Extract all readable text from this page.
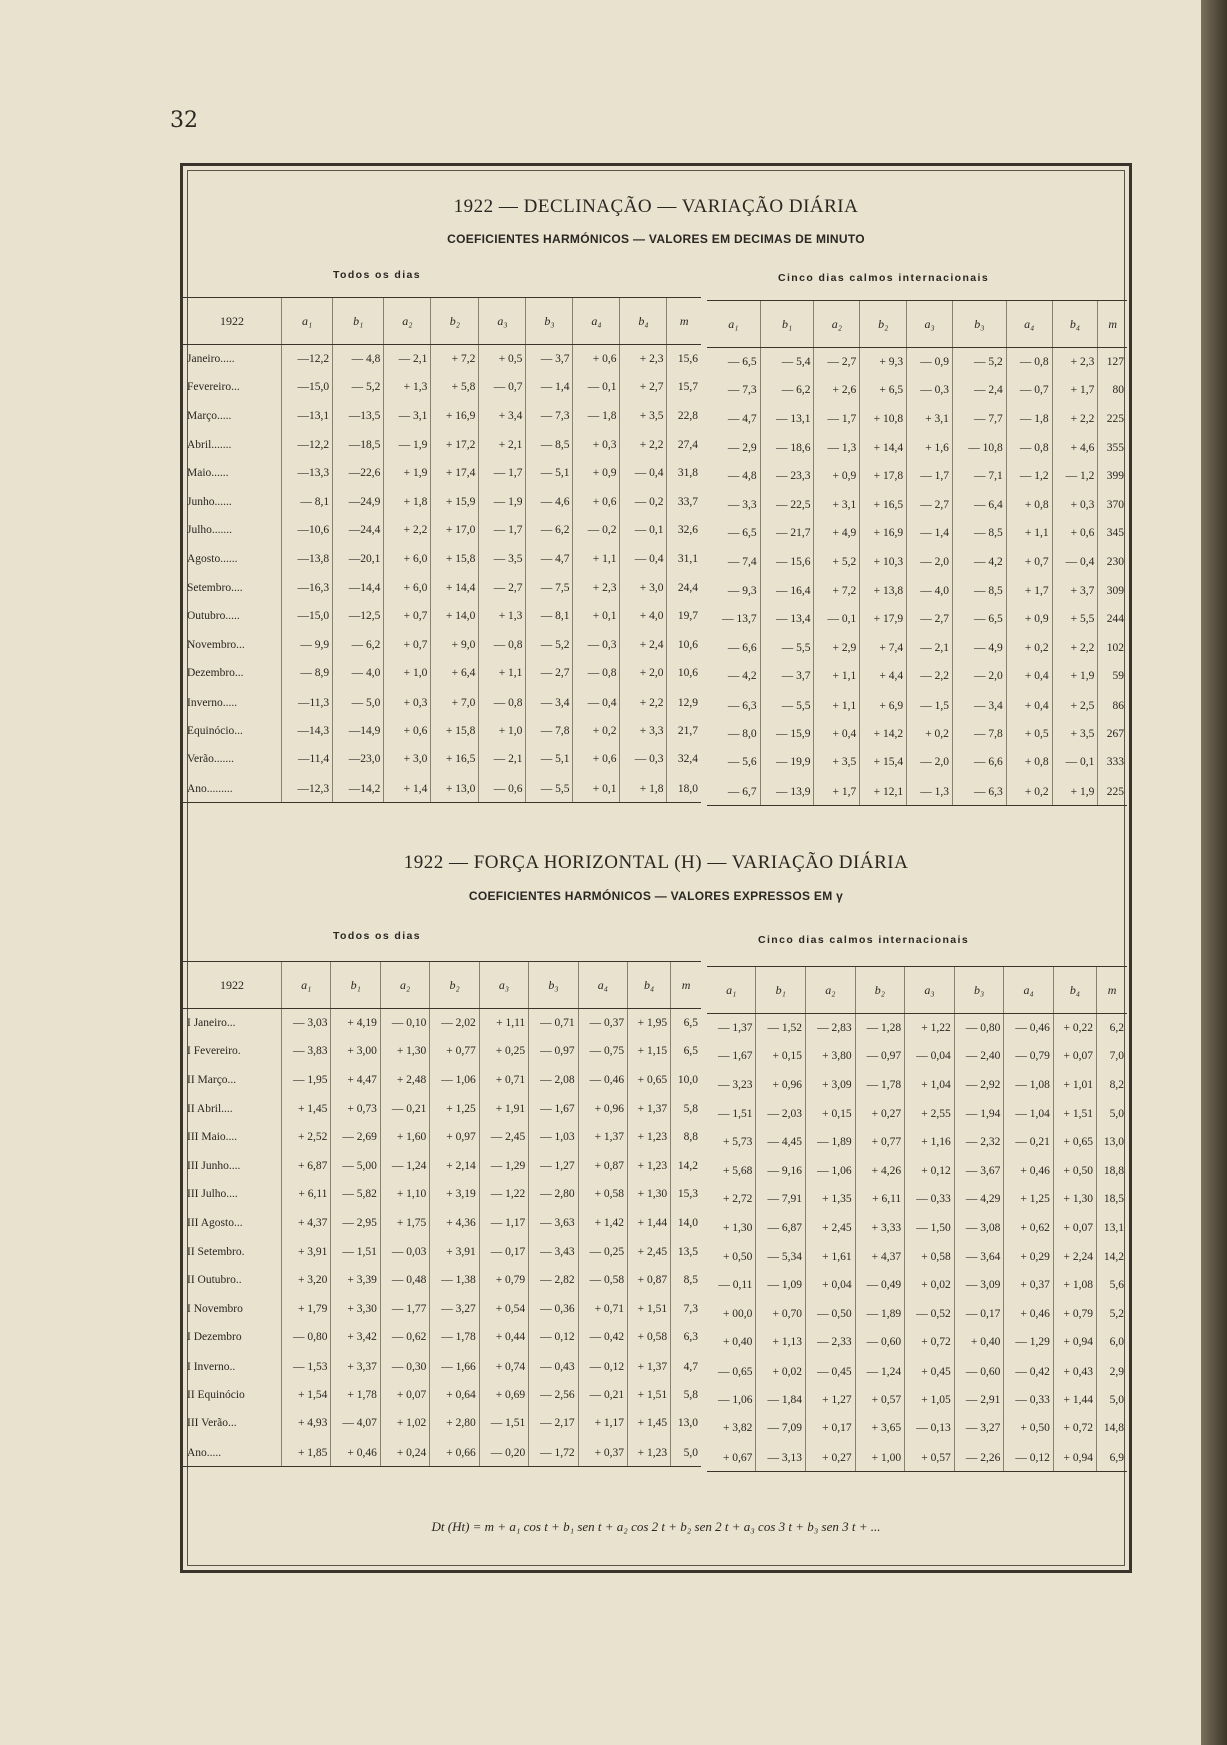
32
1922 — DECLINAÇÃO — VARIAÇÃO DIÁRIA
COEFICIENTES HARMÓNICOS — VALORES EM DECIMAS DE MINUTO
Todos os dias	Cinco dias calmos internacionais
1922	a₁	b₁	a₂	b₂	a₃	b₃	a₄	b₄	m
Janeiro.....	—12,2	— 4,8	— 2,1	+ 7,2	+ 0,5	— 3,7	+ 0,6	+ 2,3	15,6
Fevereiro...	—15,0	— 5,2	+ 1,3	+ 5,8	— 0,7	— 1,4	— 0,1	+ 2,7	15,7
Março.....	—13,1	—13,5	— 3,1	+ 16,9	+ 3,4	— 7,3	— 1,8	+ 3,5	22,8
Abril.......	—12,2	—18,5	— 1,9	+ 17,2	+ 2,1	— 8,5	+ 0,3	+ 2,2	27,4
Maio......	—13,3	—22,6	+ 1,9	+ 17,4	— 1,7	— 5,1	+ 0,9	— 0,4	31,8
Junho......	— 8,1	—24,9	+ 1,8	+ 15,9	— 1,9	— 4,6	+ 0,6	— 0,2	33,7
Julho.......	—10,6	—24,4	+ 2,2	+ 17,0	— 1,7	— 6,2	— 0,2	— 0,1	32,6
Agosto......	—13,8	—20,1	+ 6,0	+ 15,8	— 3,5	— 4,7	+ 1,1	— 0,4	31,1
Setembro....	—16,3	—14,4	+ 6,0	+ 14,4	— 2,7	— 7,5	+ 2,3	+ 3,0	24,4
Outubro.....	—15,0	—12,5	+ 0,7	+ 14,0	+ 1,3	— 8,1	+ 0,1	+ 4,0	19,7
Novembro...	— 9,9	— 6,2	+ 0,7	+ 9,0	— 0,8	— 5,2	— 0,3	+ 2,4	10,6
Dezembro...	— 8,9	— 4,0	+ 1,0	+ 6,4	+ 1,1	— 2,7	— 0,8	+ 2,0	10,6
Inverno.....	—11,3	— 5,0	+ 0,3	+ 7,0	— 0,8	— 3,4	— 0,4	+ 2,2	12,9
Equinócio...	—14,3	—14,9	+ 0,6	+ 15,8	+ 1,0	— 7,8	+ 0,2	+ 3,3	21,7
Verão.......	—11,4	—23,0	+ 3,0	+ 16,5	— 2,1	— 5,1	+ 0,6	— 0,3	32,4
Ano.........	—12,3	—14,2	+ 1,4	+ 13,0	— 0,6	— 5,5	+ 0,1	+ 1,8	18,0
a₁	b₁	a₂	b₂	a₃	b₃	a₄	b₄	m
— 6,5	— 5,4	— 2,7	+ 9,3	— 0,9	— 5,2	— 0,8	+ 2,3	127
— 7,3	— 6,2	+ 2,6	+ 6,5	— 0,3	— 2,4	— 0,7	+ 1,7	80
— 4,7	— 13,1	— 1,7	+ 10,8	+ 3,1	— 7,7	— 1,8	+ 2,2	225
— 2,9	— 18,6	— 1,3	+ 14,4	+ 1,6	— 10,8	— 0,8	+ 4,6	355
— 4,8	— 23,3	+ 0,9	+ 17,8	— 1,7	— 7,1	— 1,2	— 1,2	399
— 3,3	— 22,5	+ 3,1	+ 16,5	— 2,7	— 6,4	+ 0,8	+ 0,3	370
— 6,5	— 21,7	+ 4,9	+ 16,9	— 1,4	— 8,5	+ 1,1	+ 0,6	345
— 7,4	— 15,6	+ 5,2	+ 10,3	— 2,0	— 4,2	+ 0,7	— 0,4	230
— 9,3	— 16,4	+ 7,2	+ 13,8	— 4,0	— 8,5	+ 1,7	+ 3,7	309
— 13,7	— 13,4	— 0,1	+ 17,9	— 2,7	— 6,5	+ 0,9	+ 5,5	244
— 6,6	— 5,5	+ 2,9	+ 7,4	— 2,1	— 4,9	+ 0,2	+ 2,2	102
— 4,2	— 3,7	+ 1,1	+ 4,4	— 2,2	— 2,0	+ 0,4	+ 1,9	59
— 6,3	— 5,5	+ 1,1	+ 6,9	— 1,5	— 3,4	+ 0,4	+ 2,5	86
— 8,0	— 15,9	+ 0,4	+ 14,2	+ 0,2	— 7,8	+ 0,5	+ 3,5	267
— 5,6	— 19,9	+ 3,5	+ 15,4	— 2,0	— 6,6	+ 0,8	— 0,1	333
— 6,7	— 13,9	+ 1,7	+ 12,1	— 1,3	— 6,3	+ 0,2	+ 1,9	225
1922 — FORÇA HORIZONTAL (H) — VARIAÇÃO DIÁRIA
COEFICIENTES HARMÓNICOS — VALORES EXPRESSOS EM γ
Todos os dias	Cinco dias calmos internacionais
1922	a₁	b₁	a₂	b₂	a₃	b₃	a₄	b₄	m
I Janeiro...	— 3,03	+ 4,19	— 0,10	— 2,02	+ 1,11	— 0,71	— 0,37	+ 1,95	6,5
I Fevereiro.	— 3,83	+ 3,00	+ 1,30	+ 0,77	+ 0,25	— 0,97	— 0,75	+ 1,15	6,5
II Março...	— 1,95	+ 4,47	+ 2,48	— 1,06	+ 0,71	— 2,08	— 0,46	+ 0,65	10,0
II Abril....	+ 1,45	+ 0,73	— 0,21	+ 1,25	+ 1,91	— 1,67	+ 0,96	+ 1,37	5,8
III Maio....	+ 2,52	— 2,69	+ 1,60	+ 0,97	— 2,45	— 1,03	+ 1,37	+ 1,23	8,8
III Junho....	+ 6,87	— 5,00	— 1,24	+ 2,14	— 1,29	— 1,27	+ 0,87	+ 1,23	14,2
III Julho....	+ 6,11	— 5,82	+ 1,10	+ 3,19	— 1,22	— 2,80	+ 0,58	+ 1,30	15,3
III Agosto...	+ 4,37	— 2,95	+ 1,75	+ 4,36	— 1,17	— 3,63	+ 1,42	+ 1,44	14,0
II Setembro.	+ 3,91	— 1,51	— 0,03	+ 3,91	— 0,17	— 3,43	— 0,25	+ 2,45	13,5
II Outubro..	+ 3,20	+ 3,39	— 0,48	— 1,38	+ 0,79	— 2,82	— 0,58	+ 0,87	8,5
I Novembro	+ 1,79	+ 3,30	— 1,77	— 3,27	+ 0,54	— 0,36	+ 0,71	+ 1,51	7,3
I Dezembro	— 0,80	+ 3,42	— 0,62	— 1,78	+ 0,44	— 0,12	— 0,42	+ 0,58	6,3
I Inverno..	— 1,53	+ 3,37	— 0,30	— 1,66	+ 0,74	— 0,43	— 0,12	+ 1,37	4,7
II Equinócio	+ 1,54	+ 1,78	+ 0,07	+ 0,64	+ 0,69	— 2,56	— 0,21	+ 1,51	5,8
III Verão...	+ 4,93	— 4,07	+ 1,02	+ 2,80	— 1,51	— 2,17	+ 1,17	+ 1,45	13,0
Ano.....	+ 1,85	+ 0,46	+ 0,24	+ 0,66	— 0,20	— 1,72	+ 0,37	+ 1,23	5,0
a₁	b₁	a₂	b₂	a₃	b₃	a₄	b₄	m
— 1,37	— 1,52	— 2,83	— 1,28	+ 1,22	— 0,80	— 0,46	+ 0,22	6,2
— 1,67	+ 0,15	+ 3,80	— 0,97	— 0,04	— 2,40	— 0,79	+ 0,07	7,0
— 3,23	+ 0,96	+ 3,09	— 1,78	+ 1,04	— 2,92	— 1,08	+ 1,01	8,2
— 1,51	— 2,03	+ 0,15	+ 0,27	+ 2,55	— 1,94	— 1,04	+ 1,51	5,0
+ 5,73	— 4,45	— 1,89	+ 0,77	+ 1,16	— 2,32	— 0,21	+ 0,65	13,0
+ 5,68	— 9,16	— 1,06	+ 4,26	+ 0,12	— 3,67	+ 0,46	+ 0,50	18,8
+ 2,72	— 7,91	+ 1,35	+ 6,11	— 0,33	— 4,29	+ 1,25	+ 1,30	18,5
+ 1,30	— 6,87	+ 2,45	+ 3,33	— 1,50	— 3,08	+ 0,62	+ 0,07	13,1
+ 0,50	— 5,34	+ 1,61	+ 4,37	+ 0,58	— 3,64	+ 0,29	+ 2,24	14,2
— 0,11	— 1,09	+ 0,04	— 0,49	+ 0,02	— 3,09	+ 0,37	+ 1,08	5,6
+ 00,0	+ 0,70	— 0,50	— 1,89	— 0,52	— 0,17	+ 0,46	+ 0,79	5,2
+ 0,40	+ 1,13	— 2,33	— 0,60	+ 0,72	+ 0,40	— 1,29	+ 0,94	6,0
— 0,65	+ 0,02	— 0,45	— 1,24	+ 0,45	— 0,60	— 0,42	+ 0,43	2,9
— 1,06	— 1,84	+ 1,27	+ 0,57	+ 1,05	— 2,91	— 0,33	+ 1,44	5,0
+ 3,82	— 7,09	+ 0,17	+ 3,65	— 0,13	— 3,27	+ 0,50	+ 0,72	14,8
+ 0,67	— 3,13	+ 0,27	+ 1,00	+ 0,57	— 2,26	— 0,12	+ 0,94	6,9
Dt (Ht) = m + a₁ cos t + b₁ sen t + a₂ cos 2 t + b₂ sen 2 t + a₃ cos 3 t + b₃ sen 3 t + ...
